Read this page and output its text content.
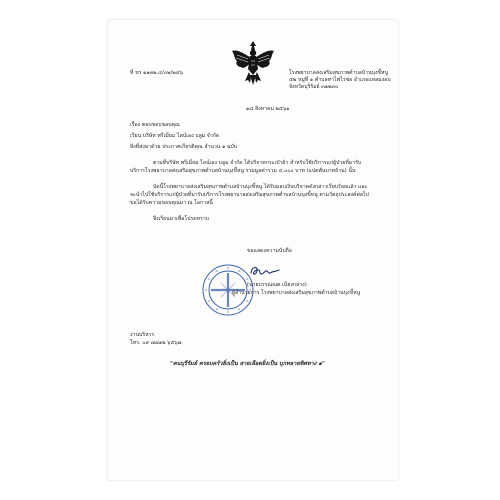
ที่ ขร ๑๑๓๒.๔/๐๒/๒๔๖	โรงพยาบาลส่งเสริมสุขภาพตำบลบ้านบุงขี้หนู
๕๒ หมู่ที่ ๑ ตำบลท่าไฟไร่ช่อ อำเภอแหลมงอบ
จังหวัดบุรีรัมย์ ๓๑๒๓๐
๑๘ สิงหาคม ๒๕๖๑
เรื่อง ตอบขอบขอบคุณ
เรียน บริษัท พรีเมี่ยม ไลน์เอง บลูม จำกัด
สิ่งที่ส่งมาด้วย ประกาศเกียรติคุณ จำนวน ๑ ฉบับ
ตามที่บริษัท พรีเมี่ยม ไลน์เอง บลูม จำกัด ได้บริจาคกระเป๋าผ้า สำหรับใช้บริการแก่ผู้ป่วยที่มารับ
บริการโรงพยาบาลส่งเสริมสุขภาพตำบลบ้านบุงขี้หนู รวมมูลค่ารวม ๔,๐๐๐ บาท (แปดพันบาทถ้วน) นั้น
บัดนี้โรงพยาบาลส่งเสริมสุขภาพตำบลบ้านบุงขี้หนู ได้รับมอบเงินบริจาคดังกล่าวเรียบร้อยแล้ว และ
จะนำไปใช้บริการแก่ผู้ป่วยที่มารับบริการโรงพยาบาลส่งเสริมสุขภาพตำบลบ้านบุงขี้หนู ตามวัตถุประสงค์ต่อไป
ขอได้รับความขอบคุณมา ณ โอกาสนี้
จึงเรียนมาเพื่อโปรดทราบ
ขอแสดงความนับถือ
(นายบรรณณต เนียงกลาง)
ผู้อำนวยการ โรงพยาบาลส่งเสริมสุขภาพตำบลบ้านบุงขี้หนู
งานบริหาร
โทร. ๐๙ ๗๘๑๒ ๖๕๖๗
"คนบุรีรัมย์ ครอบครัวยิ่งเป็น สายเลือดยิ่งเป็น บุกทลายทิศทาง ๑"
